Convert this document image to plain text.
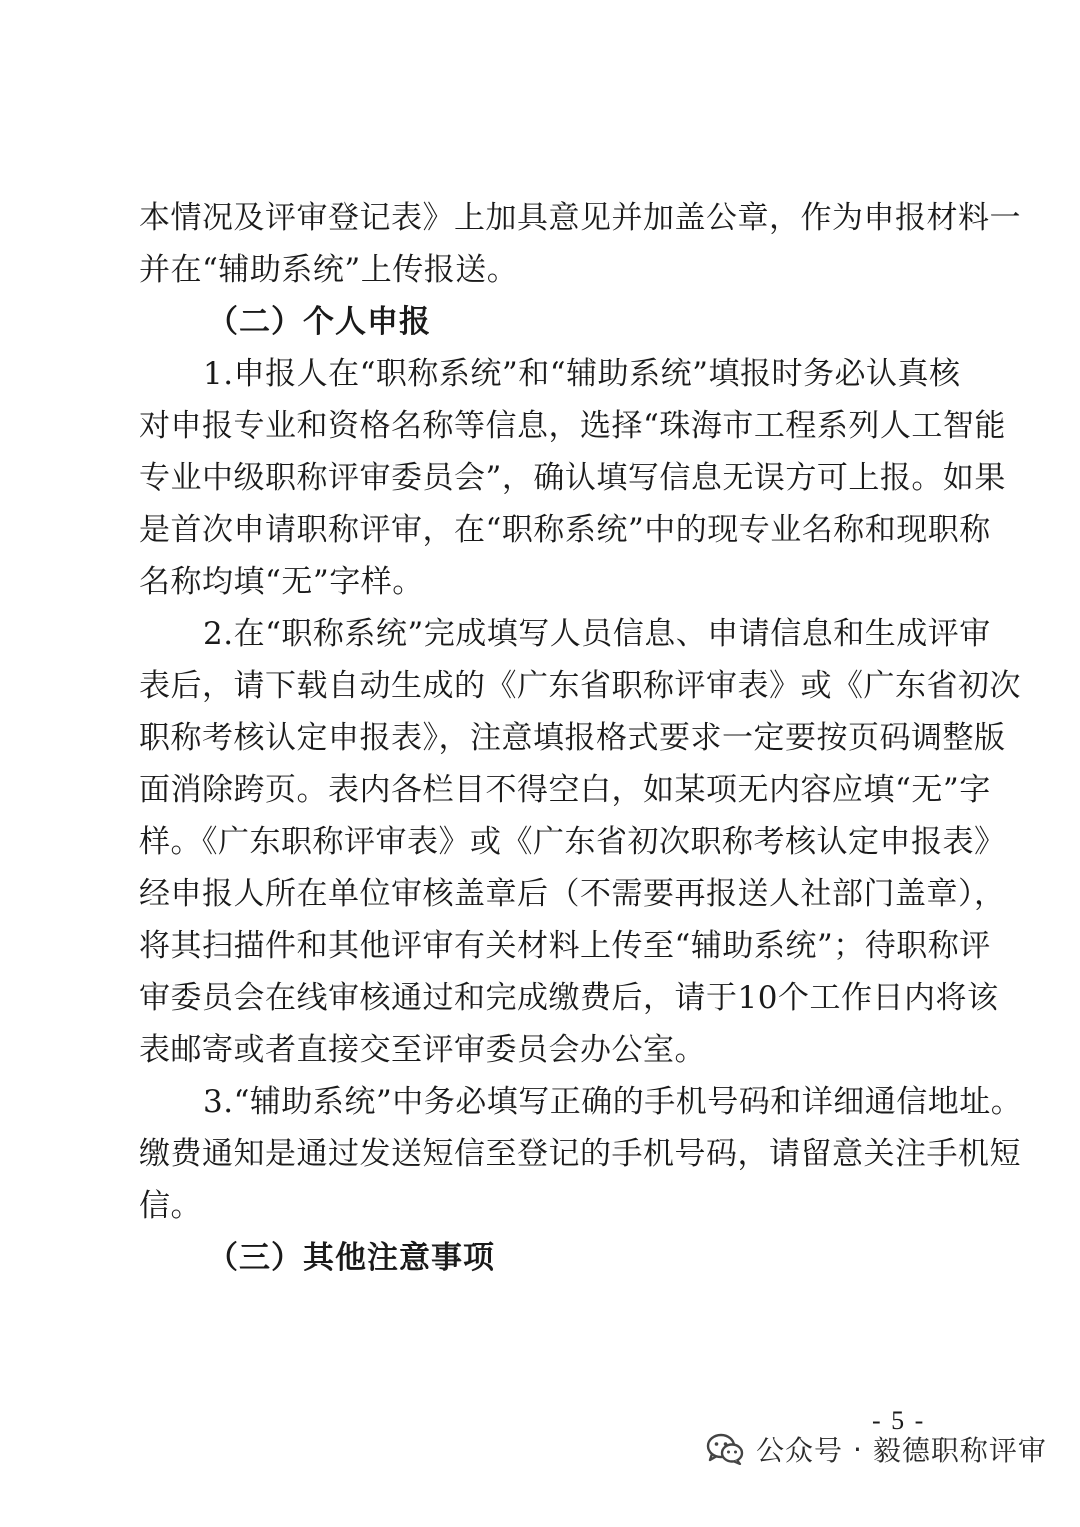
本情况及评审登记表》上加具意见并加盖公章，作为申报材料一
并在“辅助系统”上传报送。
（二）个人申报
1.申报人在“职称系统”和“辅助系统”填报时务必认真核
对申报专业和资格名称等信息，选择“珠海市工程系列人工智能
专业中级职称评审委员会”，确认填写信息无误方可上报。如果
是首次申请职称评审，在“职称系统”中的现专业名称和现职称
名称均填“无”字样。
2.在“职称系统”完成填写人员信息、申请信息和生成评审
表后，请下载自动生成的《广东省职称评审表》或《广东省初次
职称考核认定申报表》，注意填报格式要求一定要按页码调整版
面消除跨页。表内各栏目不得空白，如某项无内容应填“无”字
样。《广东职称评审表》或《广东省初次职称考核认定申报表》
经申报人所在单位审核盖章后（不需要再报送人社部门盖章），
将其扫描件和其他评审有关材料上传至“辅助系统”；待职称评
审委员会在线审核通过和完成缴费后，请于10个工作日内将该
表邮寄或者直接交至评审委员会办公室。
3.“辅助系统”中务必填写正确的手机号码和详细通信地址。
缴费通知是通过发送短信至登记的手机号码，请留意关注手机短
信。
（三）其他注意事项
- 5 -
公众号 · 毅德职称评审
